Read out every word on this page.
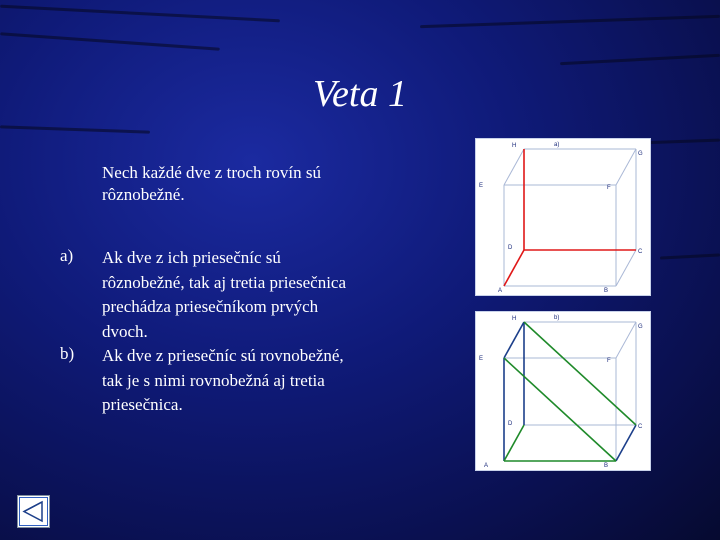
Veta 1
Nech každé dve z troch rovín sú rôznobežné.
a) Ak dve z ich priesečníc sú rôznobežné, tak aj tretia priesečnica prechádza priesečníkom prvých dvoch.
b) Ak dve z priesečníc sú rovnobežné, tak je s nimi rovnobežná aj tretia priesečnica.
A	B
C
D
E	F
G
H	a)
A	B
C
D
E	F
G
H	b)
